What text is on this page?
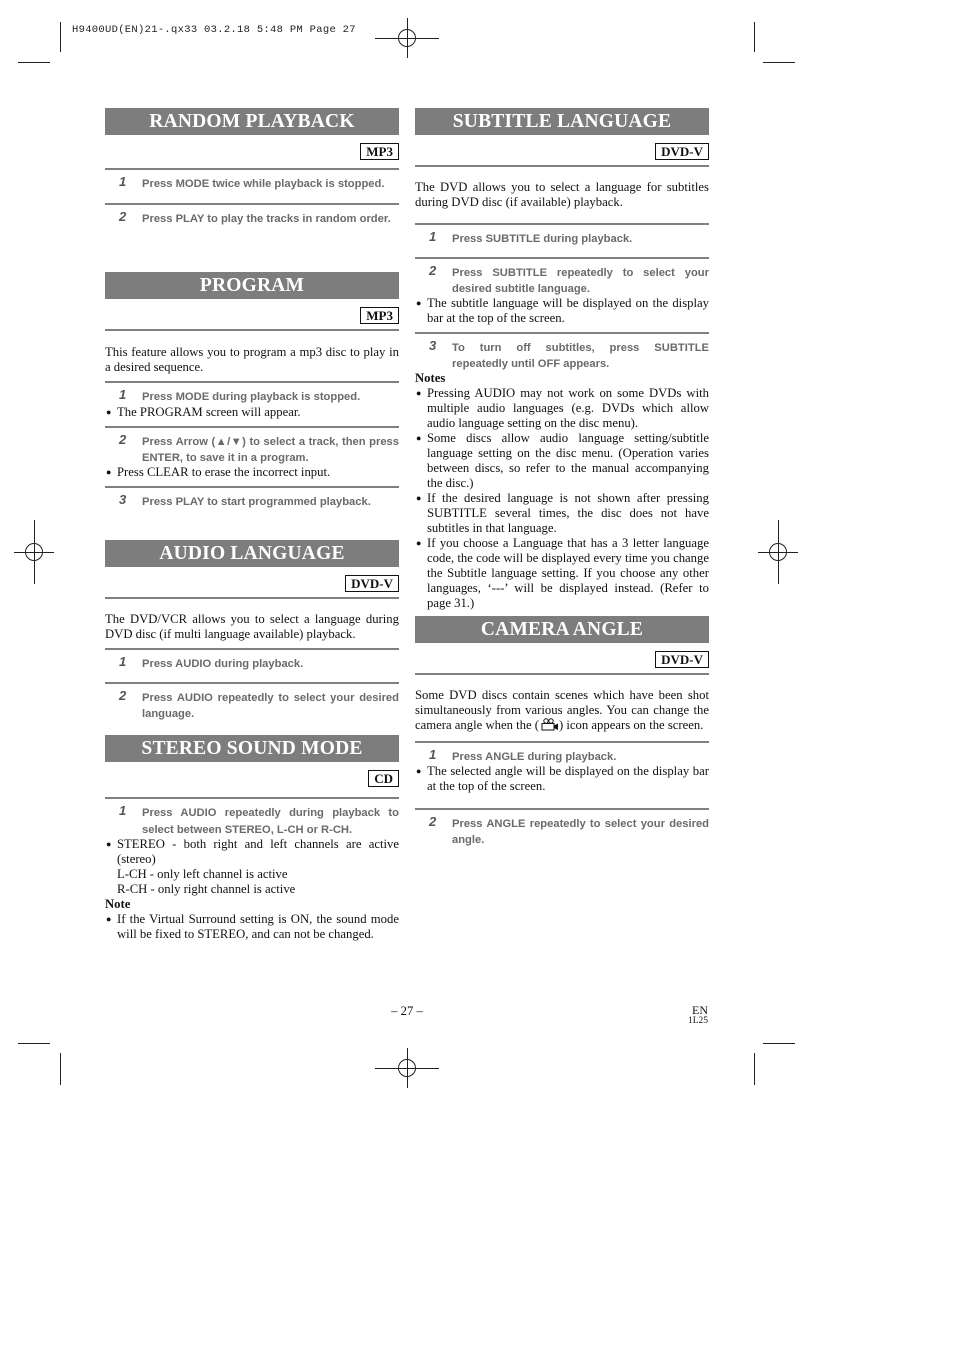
H9400UD(EN)21-.qx33 03.2.18 5:48 PM Page 27
RANDOM PLAYBACK
MP3
1 Press MODE twice while playback is stopped.
2 Press PLAY to play the tracks in random order.
PROGRAM
MP3
This feature allows you to program a mp3 disc to play in a desired sequence.
1 Press MODE during playback is stopped.
● The PROGRAM screen will appear.
2 Press Arrow (▲/▼) to select a track, then press ENTER, to save it in a program.
● Press CLEAR to erase the incorrect input.
3 Press PLAY to start programmed playback.
AUDIO LANGUAGE
DVD-V
The DVD/VCR allows you to select a language during DVD disc (if multi language available) playback.
1 Press AUDIO during playback.
2 Press AUDIO repeatedly to select your desired language.
STEREO SOUND MODE
CD
1 Press AUDIO repeatedly during playback to select between STEREO, L-CH or R-CH.
● STEREO - both right and left channels are active (stereo)
L-CH - only left channel is active
R-CH - only right channel is active
Note
● If the Virtual Surround setting is ON, the sound mode will be fixed to STEREO, and can not be changed.
SUBTITLE LANGUAGE
DVD-V
The DVD allows you to select a language for subtitles during DVD disc (if available) playback.
1 Press SUBTITLE during playback.
2 Press SUBTITLE repeatedly to select your desired subtitle language.
● The subtitle language will be displayed on the display bar at the top of the screen.
3 To turn off subtitles, press SUBTITLE repeatedly until OFF appears.
Notes
● Pressing AUDIO may not work on some DVDs with multiple audio languages (e.g. DVDs which allow audio language setting on the disc menu).
● Some discs allow audio language setting/subtitle language setting on the disc menu. (Operation varies between discs, so refer to the manual accompanying the disc.)
● If the desired language is not shown after pressing SUBTITLE several times, the disc does not have subtitles in that language.
● If you choose a Language that has a 3 letter language code, the code will be displayed every time you change the Subtitle language setting. If you choose any other languages, ‘---’ will be displayed instead. (Refer to page 31.)
CAMERA ANGLE
DVD-V
Some DVD discs contain scenes which have been shot simultaneously from various angles. You can change the camera angle when the ( ) icon appears on the screen.
1 Press ANGLE during playback.
● The selected angle will be displayed on the display bar at the top of the screen.
2 Press ANGLE repeatedly to select your desired angle.
– 27 –	EN
1L25
